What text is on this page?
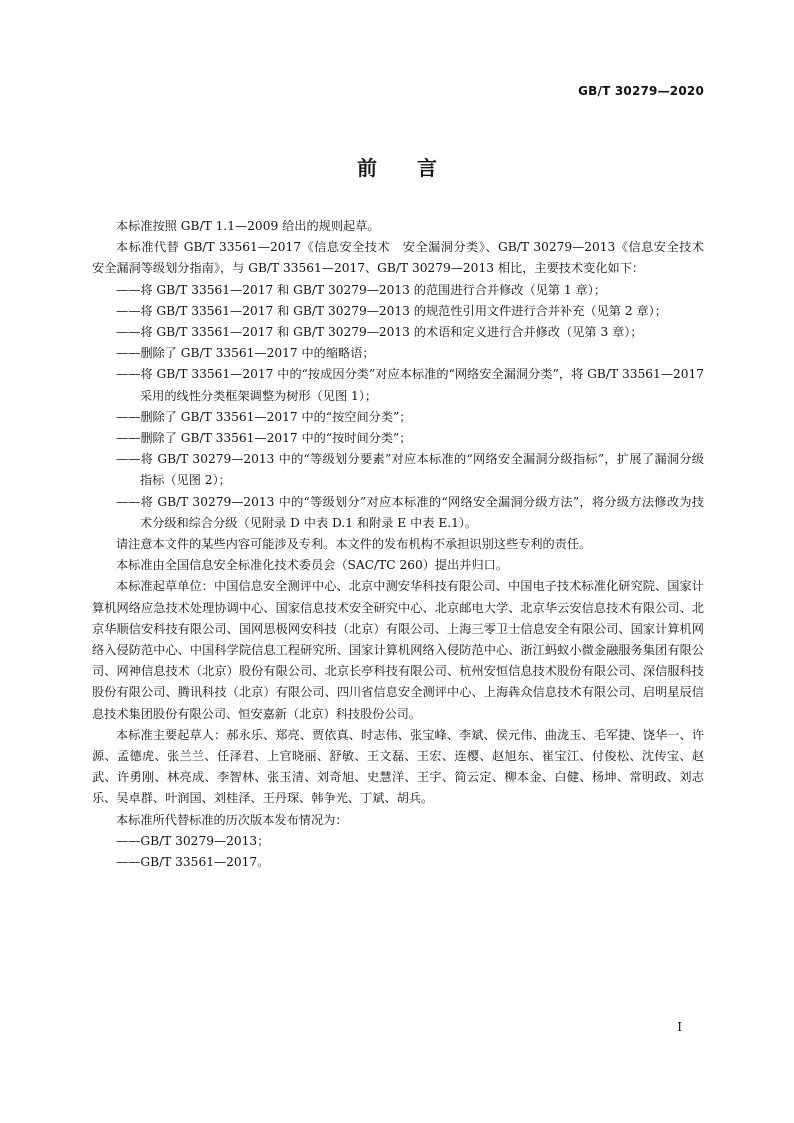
GB/T 30279—2020
前言

本标准按照 GB/T 1.1—2009 给出的规则起草。

本标准代替 GB/T 33561—2017《信息安全技术　安全漏洞分类》、GB/T 30279—2013《信息安全技术　安全漏洞等级划分指南》，与 GB/T 33561—2017、GB/T 30279—2013 相比，主要技术变化如下：

——将 GB/T 33561—2017 和 GB/T 30279—2013 的范围进行合并修改（见第 1 章）；

——将 GB/T 33561—2017 和 GB/T 30279—2013 的规范性引用文件进行合并补充（见第 2 章）；

——将 GB/T 33561—2017 和 GB/T 30279—2013 的术语和定义进行合并修改（见第 3 章）；

——删除了 GB/T 33561—2017 中的缩略语；

——将 GB/T 33561—2017 中的“按成因分类”对应本标准的“网络安全漏洞分类”，将 GB/T 33561—2017 采用的线性分类框架调整为树形（见图 1）；

——删除了 GB/T 33561—2017 中的“按空间分类”；

——删除了 GB/T 33561—2017 中的“按时间分类”；

——将 GB/T 30279—2013 中的“等级划分要素”对应本标准的“网络安全漏洞分级指标”，扩展了漏洞分级指标（见图 2）；

——将 GB/T 30279—2013 中的“等级划分”对应本标准的“网络安全漏洞分级方法”，将分级方法修改为技术分级和综合分级（见附录 D 中表 D.1 和附录 E 中表 E.1）。

请注意本文件的某些内容可能涉及专利。本文件的发布机构不承担识别这些专利的责任。

本标准由全国信息安全标准化技术委员会（SAC/TC 260）提出并归口。

本标准起草单位：中国信息安全测评中心、北京中测安华科技有限公司、中国电子技术标准化研究院、国家计算机网络应急技术处理协调中心、国家信息技术安全研究中心、北京邮电大学、北京华云安信息技术有限公司、北京华顺信安科技有限公司、国网思极网安科技（北京）有限公司、上海三零卫士信息安全有限公司、国家计算机网络入侵防范中心、中国科学院信息工程研究所、国家计算机网络入侵防范中心、浙江蚂蚁小微金融服务集团有限公司、网神信息技术（北京）股份有限公司、北京长亭科技有限公司、杭州安恒信息技术股份有限公司、深信服科技股份有限公司、腾讯科技（北京）有限公司、四川省信息安全测评中心、上海犇众信息技术有限公司、启明星辰信息技术集团股份有限公司、恒安嘉新（北京）科技股份公司。

本标准主要起草人：郝永乐、郑亮、贾依真、时志伟、张宝峰、李斌、侯元伟、曲泷玉、毛军捷、饶华一、许源、孟德虎、张兰兰、任泽君、上官晓丽、舒敏、王文磊、王宏、连樱、赵旭东、崔宝江、付俊松、沈传宝、赵武、许勇刚、林亮成、李智林、张玉清、刘奇旭、史慧洋、王宇、简云定、柳本金、白健、杨坤、常明政、刘志乐、吴卓群、叶润国、刘桂泽、王丹琛、韩争光、丁斌、胡兵。

本标准所代替标准的历次版本发布情况为：

——GB/T 30279—2013；

——GB/T 33561—2017。

I
